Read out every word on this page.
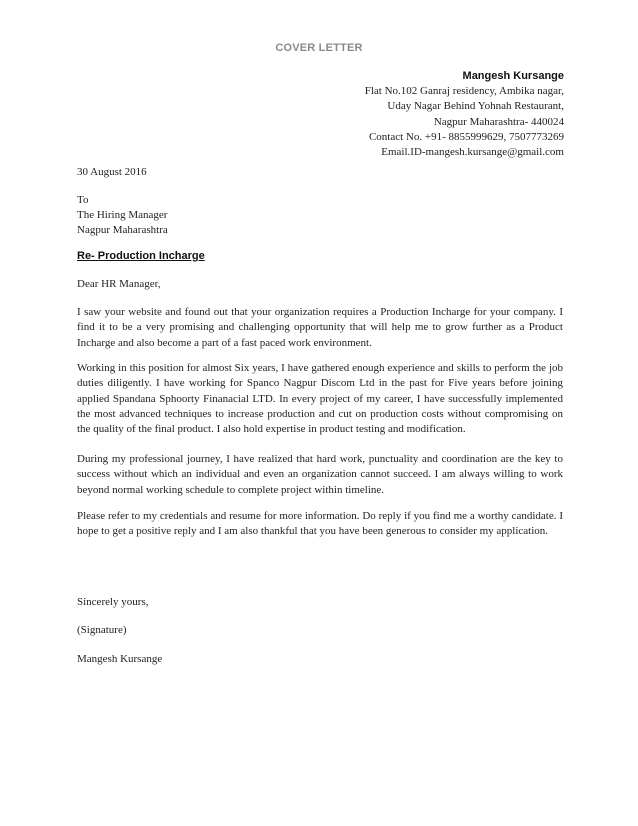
COVER LETTER
Mangesh Kursange
Flat No.102 Ganraj residency, Ambika nagar,
Uday Nagar Behind Yohnah Restaurant,
Nagpur Maharashtra- 440024
Contact No. +91- 8855999629, 7507773269
Email.ID-mangesh.kursange@gmail.com
30 August 2016
To
The Hiring Manager
Nagpur Maharashtra
Re- Production Incharge
Dear HR Manager,
I saw your website and found out that your organization requires a Production Incharge for your company. I find it to be a very promising and challenging opportunity that will help me to grow further as a Product Incharge and also become a part of a fast paced work environment.
Working in this position for almost Six years, I have gathered enough experience and skills to perform the job duties diligently. I have working for Spanco Nagpur Discom Ltd in the past for Five years before joining applied Spandana Sphoorty Finanacial LTD. In every project of my career, I have successfully implemented the most advanced techniques to increase production and cut on production costs without compromising on the quality of the final product. I also hold expertise in product testing and modification.
During my professional journey, I have realized that hard work, punctuality and coordination are the key to success without which an individual and even an organization cannot succeed. I am always willing to work beyond normal working schedule to complete project within timeline.
Please refer to my credentials and resume for more information. Do reply if you find me a worthy candidate. I hope to get a positive reply and I am also thankful that you have been generous to consider my application.
Sincerely yours,
(Signature)
Mangesh Kursange
